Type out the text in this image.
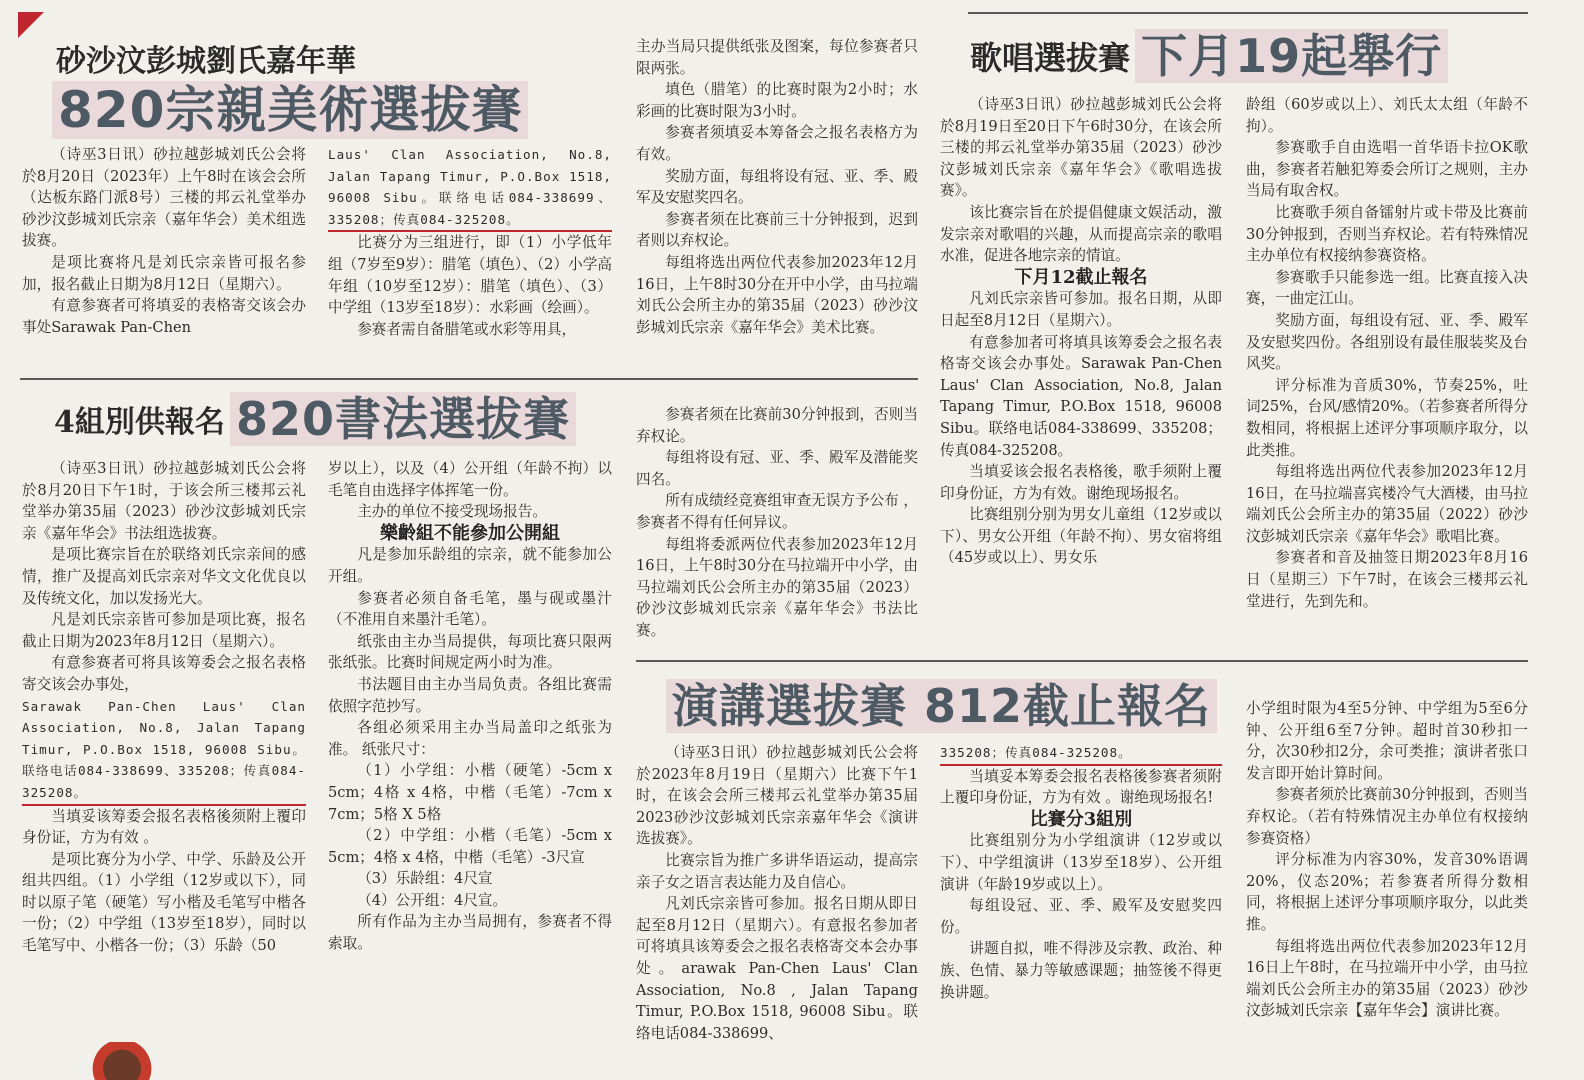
砂沙汶彭城劉氏嘉年華
820宗親美術選拔賽

（诗巫3日讯）砂拉越彭城刘氏公会将於8月20日（2023年）上午8时在该会会所（达板东路门派8号）三楼的邦云礼堂举办砂沙汶彭城刘氏宗亲（嘉年华会）美术组选拔赛。

是项比赛将凡是刘氏宗亲皆可报名参加，报名截止日期为8月12日（星期六）。

有意参赛者可将填妥的表格寄交该会办事处Sarawak Pan-Chen

Laus' Clan Association, No.8, Jalan Tapang Timur, P.O.Box 1518, 96008 Sibu。联络电话084-338699、335208；传真084-325208。

比赛分为三组进行，即（1）小学低年组（7岁至9岁）：腊笔（填色）、（2）小学高年组（10岁至12岁）：腊笔（填色）、（3）中学组（13岁至18岁）：水彩画（绘画）。

参赛者需自备腊笔或水彩等用具，

主办当局只提供纸张及图案，每位参赛者只限两张。

填色（腊笔）的比赛时限为2小时；水彩画的比赛时限为3小时。

参赛者须填妥本筹备会之报名表格方为有效。

奖励方面，每组将设有冠、亚、季、殿军及安慰奖四名。

参赛者须在比赛前三十分钟报到，迟到者则以弃权论。

每组将选出两位代表参加2023年12月16日，上午8时30分在开中小学，由马拉端刘氏公会所主办的第35届（2023）砂沙汶彭城刘氏宗亲《嘉年华会》美术比赛。

4組別供報名 820書法選拔賽

（诗巫3日讯）砂拉越彭城刘氏公会将於8月20日下午1时，于该会所三楼邦云礼堂举办第35届（2023）砂沙汶彭城刘氏宗亲《嘉年华会》书法组选拔赛。

是项比赛宗旨在於联络刘氏宗亲间的感情，推广及提高刘氏宗亲对华文文化优良以及传统文化，加以发扬光大。

凡是刘氏宗亲皆可参加是项比赛，报名截止日期为2023年8月12日（星期六）。

有意参赛者可将具该筹委会之报名表格寄交该会办事处，

Sarawak Pan-Chen Laus' Clan Association, No.8, Jalan Tapang Timur, P.O.Box 1518, 96008 Sibu。联络电话084-338699、335208；传真084-325208。

当填妥该筹委会报名表格後须附上覆印身份证，方为有效 。

是项比赛分为小学、中学、乐龄及公开组共四组。（1）小学组（12岁或以下），同时以原子笔（硬笔）写小楷及毛笔写中楷各一份；（2）中学组（13岁至18岁），同时以毛笔写中、小楷各一份；（3）乐龄（50

岁以上），以及（4）公开组（年龄不拘）以毛笔自由选择字体挥笔一份。

主办的单位不接受现场报告。

樂齡組不能參加公開組

凡是参加乐龄组的宗亲，就不能参加公开组。

参赛者必须自备毛笔，墨与砚或墨汁（不准用自来墨汁毛笔）。

纸张由主办当局提供，每项比赛只限两张纸张。比赛时间规定两小时为准。

书法题目由主办当局负责。各组比赛需依照字范抄写。

各组必须采用主办当局盖印之纸张为准。 纸张尺寸：

（1）小学组：小楷（硬笔）-5cm x 5cm；4格 x 4格，中楷（毛笔）-7cm x 7cm；5格 X 5格

（2）中学组：小楷（毛笔）-5cm x 5cm；4格 x 4格，中楷（毛笔）-3尺宣

（3）乐龄组：4尺宣

（4）公开组：4尺宣。

所有作品为主办当局拥有，参赛者不得索取。

参赛者须在比赛前30分钟报到，否则当弃权论。

每组将设有冠、亚、季、殿军及潜能奖四名。

所有成绩经竞赛组审查无误方予公布 ，参赛者不得有任何异议。

每组将委派两位代表参加2023年12月16日，上午8时30分在马拉端开中小学，由马拉端刘氏公会所主办的第35届（2023）砂沙汶彭城刘氏宗亲《嘉年华会》书法比赛。

歌唱選拔賽 下月19起舉行

（诗巫3日讯）砂拉越彭城刘氏公会将於8月19日至20日下午6时30分，在该会所三楼的邦云礼堂举办第35届（2023）砂沙汶彭城刘氏宗亲《嘉年华会》《歌唱选拔赛》。

该比赛宗旨在於提倡健康文娱活动，激发宗亲对歌唱的兴趣，从而提高宗亲的歌唱水准，促进各地宗亲的情谊。

下月12截止報名

凡刘氏宗亲皆可参加。报名日期，从即日起至8月12日（星期六）。

有意参加者可将填具该筹委会之报名表格寄交该会办事处。Sarawak Pan-Chen Laus' Clan Association, No.8, Jalan Tapang Timur, P.O.Box 1518, 96008 Sibu。联络电话084-338699、335208；传真084-325208。

当填妥该会报名表格後，歌手须附上覆印身份证，方为有效。谢绝现场报名。

比赛组别分别为男女儿童组（12岁或以下）、男女公开组（年龄不拘）、男女宿将组 （45岁或以上）、男女乐

龄组（60岁或以上）、刘氏太太组（年龄不拘）。

参赛歌手自由选唱一首华语卡拉OK歌曲，参赛者若触犯筹委会所订之规则，主办当局有取舍权。

比赛歌手须自备镭射片或卡带及比赛前30分钟报到，否则当弃权论。若有特殊情况主办单位有权接纳参赛资格。

参赛歌手只能参选一组。比赛直接入决赛，一曲定江山。

奖励方面，每组设有冠、亚、季、殿军及安慰奖四份。各组别设有最佳服装奖及台风奖。

评分标准为音质30%，节奏25%，吐词25%，台风/感情20%。（若参赛者所得分数相同，将根据上述评分事项顺序取分，以此类推。

每组将选出两位代表参加2023年12月16日，在马拉端喜宾楼冷气大酒楼，由马拉端刘氏公会所主办的第35届（2022）砂沙汶彭城刘氏宗亲《嘉年华会》歌唱比赛。

参赛者和音及抽签日期2023年8月16日（星期三）下午7时，在该会三楼邦云礼堂进行，先到先和。

演講選拔賽 812截止報名

（诗巫3日讯）砂拉越彭城刘氏公会将於2023年8月19日（星期六）比赛下午1时，在该会会所三楼邦云礼堂举办第35届2023砂沙汶彭城刘氏宗亲嘉年华会《演讲选拔赛》。

比赛宗旨为推广多讲华语运动，提高宗亲子女之语言表达能力及自信心。

凡刘氏宗亲皆可参加。报名日期从即日起至8月12日（星期六）。有意报名参加者可将填具该筹委会之报名表格寄交本会办事处。arawak Pan-Chen Laus' Clan Association, No.8 , Jalan Tapang Timur, P.O.Box 1518, 96008 Sibu。联络电话084-338699、

335208；传真084-325208。

当填妥本筹委会报名表格後参赛者须附上覆印身份证，方为有效 。谢绝现场报名!

比賽分3組別

比赛组别分为小学组演讲（12岁或以下）、中学组演讲（13岁至18岁）、公开组演讲（年龄19岁或以上）。

每组设冠、亚、季、殿军及安慰奖四份。

讲题自拟，唯不得涉及宗教、政治、种族、色情、暴力等敏感课题；抽签後不得更换讲题。

小学组时限为4至5分钟、中学组为5至6分钟、公开组6至7分钟。超时首30秒扣一分，次30秒扣2分，余可类推；演讲者张口发言即开始计算时间。

参赛者须於比赛前30分钟报到，否则当弃权论。（若有特殊情况主办单位有权接纳参赛资格）

评分标准为内容30%，发音30%语调20%，仪态20%；若参赛者所得分数相同，将根据上述评分事项顺序取分，以此类推。

每组将选出两位代表参加2023年12月16日上午8时，在马拉端开中小学，由马拉端刘氏公会所主办的第35届（2023）砂沙汶彭城刘氏宗亲【嘉年华会】演讲比赛。
